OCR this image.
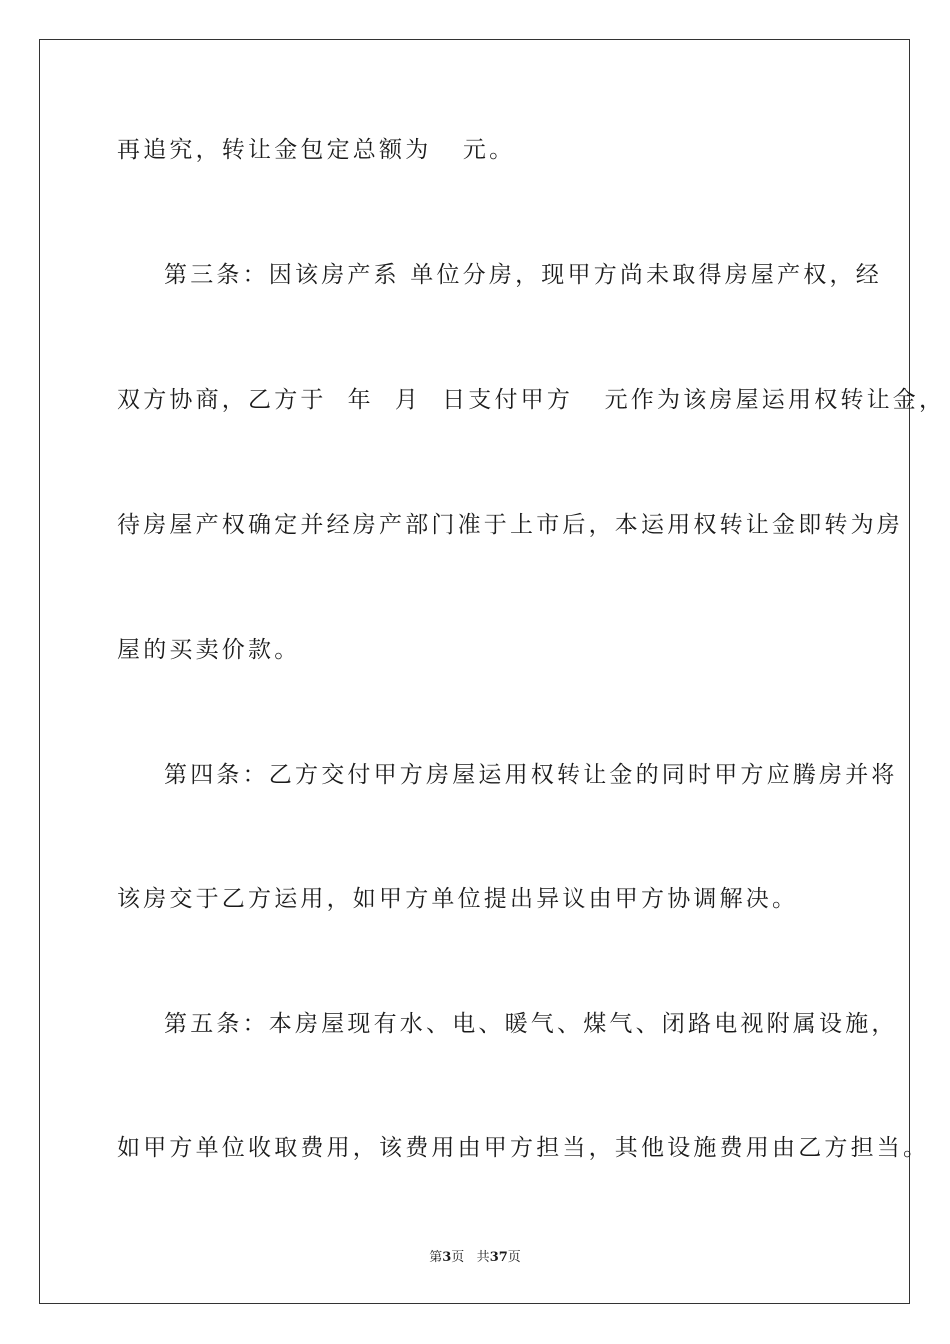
再追究，转让金包定总额为   元。
第三条：因该房产系 单位分房，现甲方尚未取得房屋产权，经
双方协商，乙方于  年  月  日支付甲方   元作为该房屋运用权转让金，
待房屋产权确定并经房产部门准于上市后，本运用权转让金即转为房
屋的买卖价款。
第四条：乙方交付甲方房屋运用权转让金的同时甲方应腾房并将
该房交于乙方运用，如甲方单位提出异议由甲方协调解决。
第五条：本房屋现有水、电、暖气、煤气、闭路电视附属设施，
如甲方单位收取费用，该费用由甲方担当，其他设施费用由乙方担当。
第3页 共37页
